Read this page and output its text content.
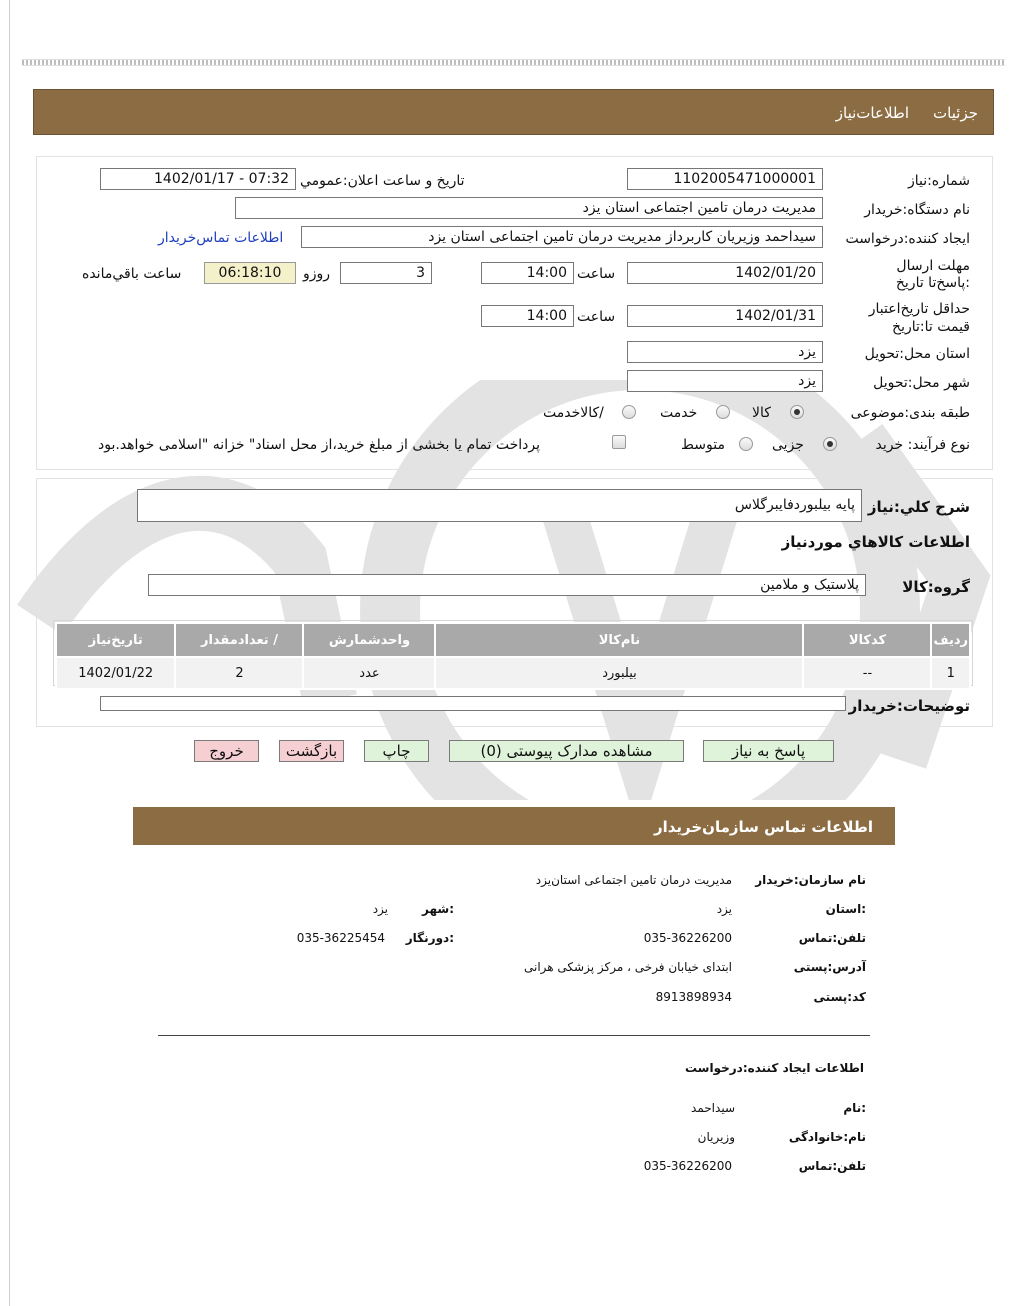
جزئیات
اطلاعات‌نیاز
شماره:نیاز
1102005471000001
تاریخ و ساعت اعلان:عمومي
1402/01/17 - 07:32
نام دستگاه:خریدار
مدیریت درمان تامین اجتماعی استان یزد
ایجاد کننده:درخواست
سیداحمد وزیریان کاربرداز مدیریت درمان تامین اجتماعی استان یزد
اطلاعات تماس‌خریدار
مهلت ارسال :پاسخ‌تا تاریخ
1402/01/20
ساعت
14:00
3
روزو
06:18:10
ساعت باقي‌مانده
حداقل تاریخ‌اعتبار قیمت تا:تاریخ
1402/01/31
ساعت
14:00
استان محل:تحویل
یزد
شهر محل:تحویل
یزد
طبقه بندی:موضوعی
کالا
خدمت
/کالاخدمت
نوع فرآیند: خرید
جزیی
متوسط
پرداخت تمام یا بخشی از مبلغ خرید،از محل اسناد" خزانه "اسلامی خواهد.بود
شرح کلي:نیاز
پایه بیلبوردفایبرگلاس
اطلاعات کالاهاي موردنیاز
گروه:کالا
پلاستیک و ملامین
ردیف	کدکالا	نام‌کالا	واحدشمارش	/ تعدادمقدار	تاریخ‌نیاز
1	--	بیلبورد	عدد	2	1402/01/22
توضیحات:خریدار
پاسخ به نیاز
مشاهده مدارک پیوستی (0)
چاپ
بازگشت
خروج
اطلاعات تماس سازمان‌خریدار
نام سازمان:خریدار
مدیریت درمان تامین اجتماعی استان‌یزد
:استان
یزد
:شهر
یزد
تلفن:تماس
035-36226200
:دورنگار
035-36225454
آدرس:پستی
ابتدای خیابان فرخی ، مرکز پزشکی هرانی
کد:پستی
8913898934
اطلاعات ایجاد کننده:درخواست
:نام
سیداحمد
نام:خانوادگی
وزیریان
تلفن:تماس
035-36226200
